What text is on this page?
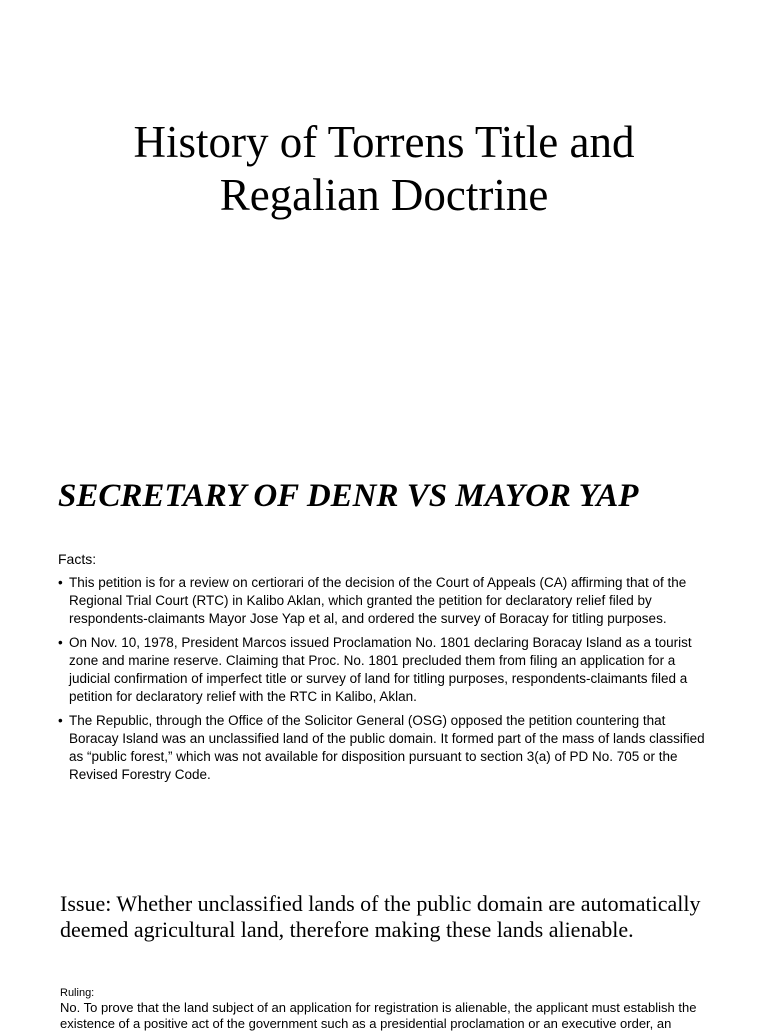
History of Torrens Title and
Regalian Doctrine
SECRETARY OF DENR VS MAYOR YAP

Facts:

• This petition is for a review on certiorari of the decision of the Court of Appeals (CA) affirming that of the Regional Trial Court (RTC) in Kalibo Aklan, which granted the petition for declaratory relief filed by respondents-claimants Mayor Jose Yap et al, and ordered the survey of Boracay for titling purposes.
• On Nov. 10, 1978, President Marcos issued Proclamation No. 1801 declaring Boracay Island as a tourist zone and marine reserve. Claiming that Proc. No. 1801 precluded them from filing an application for a judicial confirmation of imperfect title or survey of land for titling purposes, respondents-claimants filed a petition for declaratory relief with the RTC in Kalibo, Aklan.
• The Republic, through the Office of the Solicitor General (OSG) opposed the petition countering that Boracay Island was an unclassified land of the public domain. It formed part of the mass of lands classified as “public forest,” which was not available for disposition pursuant to section 3(a) of PD No. 705 or the Revised Forestry Code.

Issue: Whether unclassified lands of the public domain are automatically deemed agricultural land, therefore making these lands alienable.

Ruling:

No. To prove that the land subject of an application for registration is alienable, the applicant must establish the existence of a positive act of the government such as a presidential proclamation or an executive order, an
